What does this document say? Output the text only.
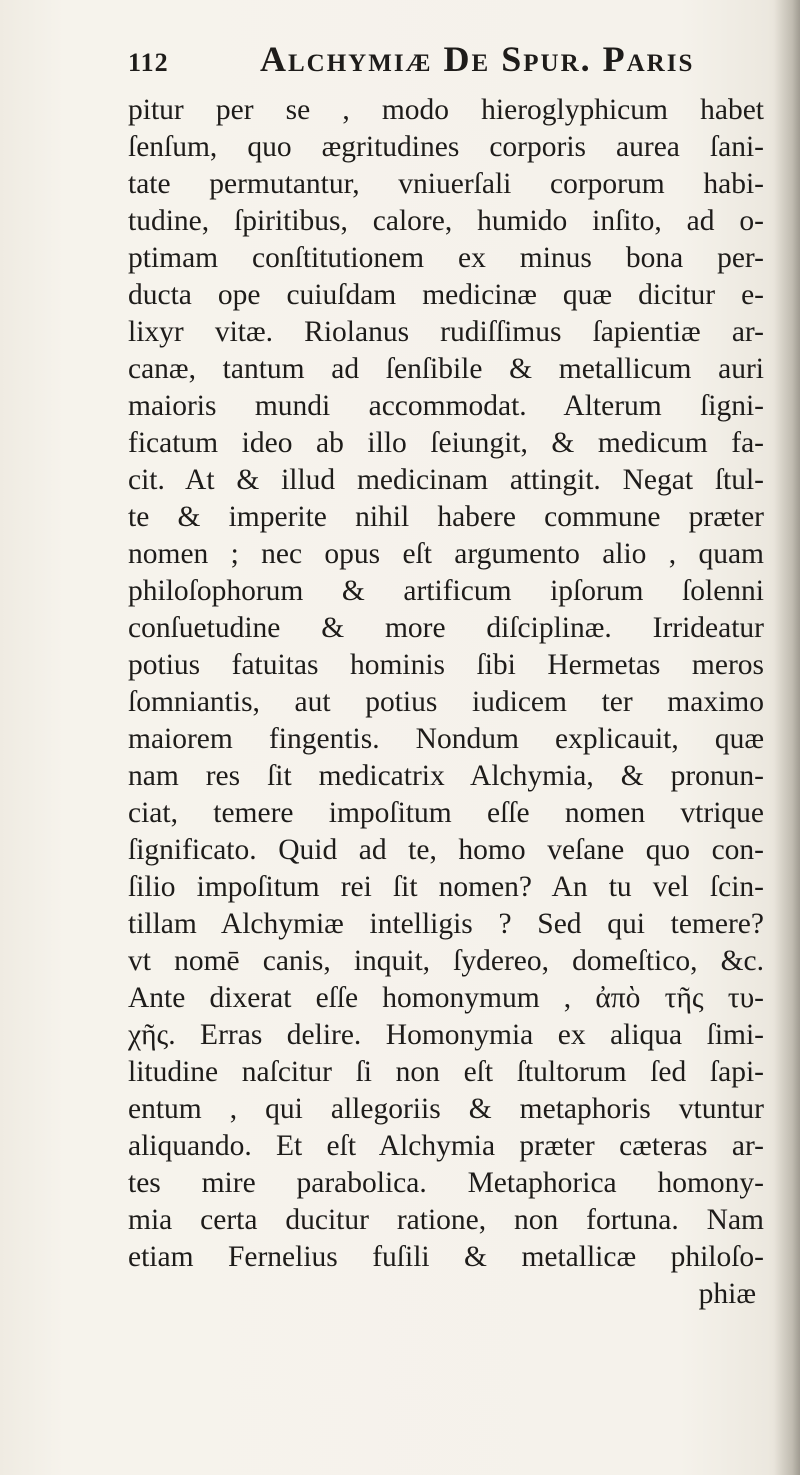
112	Alchymiæ De Spur. Paris
pitur per se , modo hieroglyphicum habet
ſenſum, quo ægritudines corporis aurea ſani-
tate permutantur, vniuerſali corporum habi-
tudine, ſpiritibus, calore, humido inſito, ad o-
ptimam conſtitutionem ex minus bona per-
ducta ope cuiuſdam medicinæ quæ dicitur e-
lixyr vitæ. Riolanus rudiſſimus ſapientiæ ar-
canæ, tantum ad ſenſibile & metallicum auri
maioris mundi accommodat. Alterum ſigni-
ficatum ideo ab illo ſeiungit, & medicum fa-
cit. At & illud medicinam attingit. Negat ſtul-
te & imperite nihil habere commune præter
nomen ; nec opus eſt argumento alio , quam
philoſophorum & artificum ipſorum ſolenni
conſuetudine & more diſciplinæ. Irrideatur
potius fatuitas hominis ſibi Hermetas meros
ſomniantis, aut potius iudicem ter maximo
maiorem fingentis. Nondum explicauit, quæ
nam res ſit medicatrix Alchymia, & pronun-
ciat, temere impoſitum eſſe nomen vtrique
ſignificato. Quid ad te, homo veſane quo con-
ſilio impoſitum rei ſit nomen? An tu vel ſcin-
tillam Alchymiæ intelligis ? Sed qui temere?
vt nomē canis, inquit, ſydereo, domeſtico, &c.
Ante dixerat eſſe homonymum , ἀπὸ τῆς τυ-
χῆς. Erras delire. Homonymia ex aliqua ſimi-
litudine naſcitur ſi non eſt ſtultorum ſed ſapi-
entum , qui allegoriis & metaphoris vtuntur
aliquando. Et eſt Alchymia præter cæteras ar-
tes mire parabolica. Metaphorica homony-
mia certa ducitur ratione, non fortuna. Nam
etiam Fernelius fuſili & metallicæ philoſo-
phiæ
